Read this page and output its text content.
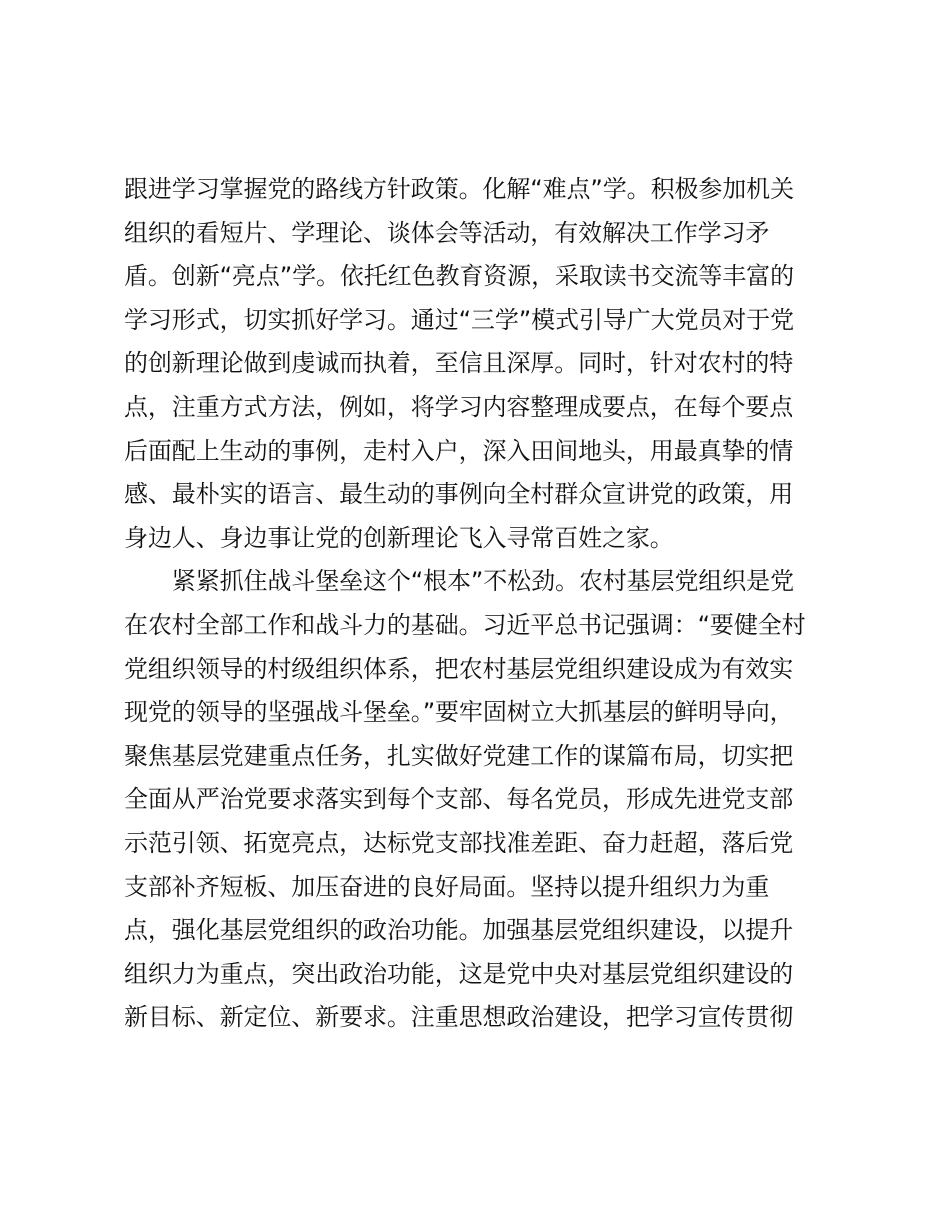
跟进学习掌握党的路线方针政策。化解“难点”学。积极参加机关
组织的看短片、学理论、谈体会等活动，有效解决工作学习矛
盾。创新“亮点”学。依托红色教育资源，采取读书交流等丰富的
学习形式，切实抓好学习。通过“三学”模式引导广大党员对于党
的创新理论做到虔诚而执着，至信且深厚。同时，针对农村的特
点，注重方式方法，例如，将学习内容整理成要点，在每个要点
后面配上生动的事例，走村入户，深入田间地头，用最真挚的情
感、最朴实的语言、最生动的事例向全村群众宣讲党的政策，用
身边人、身边事让党的创新理论飞入寻常百姓之家。
　　紧紧抓住战斗堡垒这个“根本”不松劲。农村基层党组织是党
在农村全部工作和战斗力的基础。习近平总书记强调：“要健全村
党组织领导的村级组织体系，把农村基层党组织建设成为有效实
现党的领导的坚强战斗堡垒。”要牢固树立大抓基层的鲜明导向，
聚焦基层党建重点任务，扎实做好党建工作的谋篇布局，切实把
全面从严治党要求落实到每个支部、每名党员，形成先进党支部
示范引领、拓宽亮点，达标党支部找准差距、奋力赶超，落后党
支部补齐短板、加压奋进的良好局面。坚持以提升组织力为重
点，强化基层党组织的政治功能。加强基层党组织建设，以提升
组织力为重点，突出政治功能，这是党中央对基层党组织建设的
新目标、新定位、新要求。注重思想政治建设，把学习宣传贯彻
